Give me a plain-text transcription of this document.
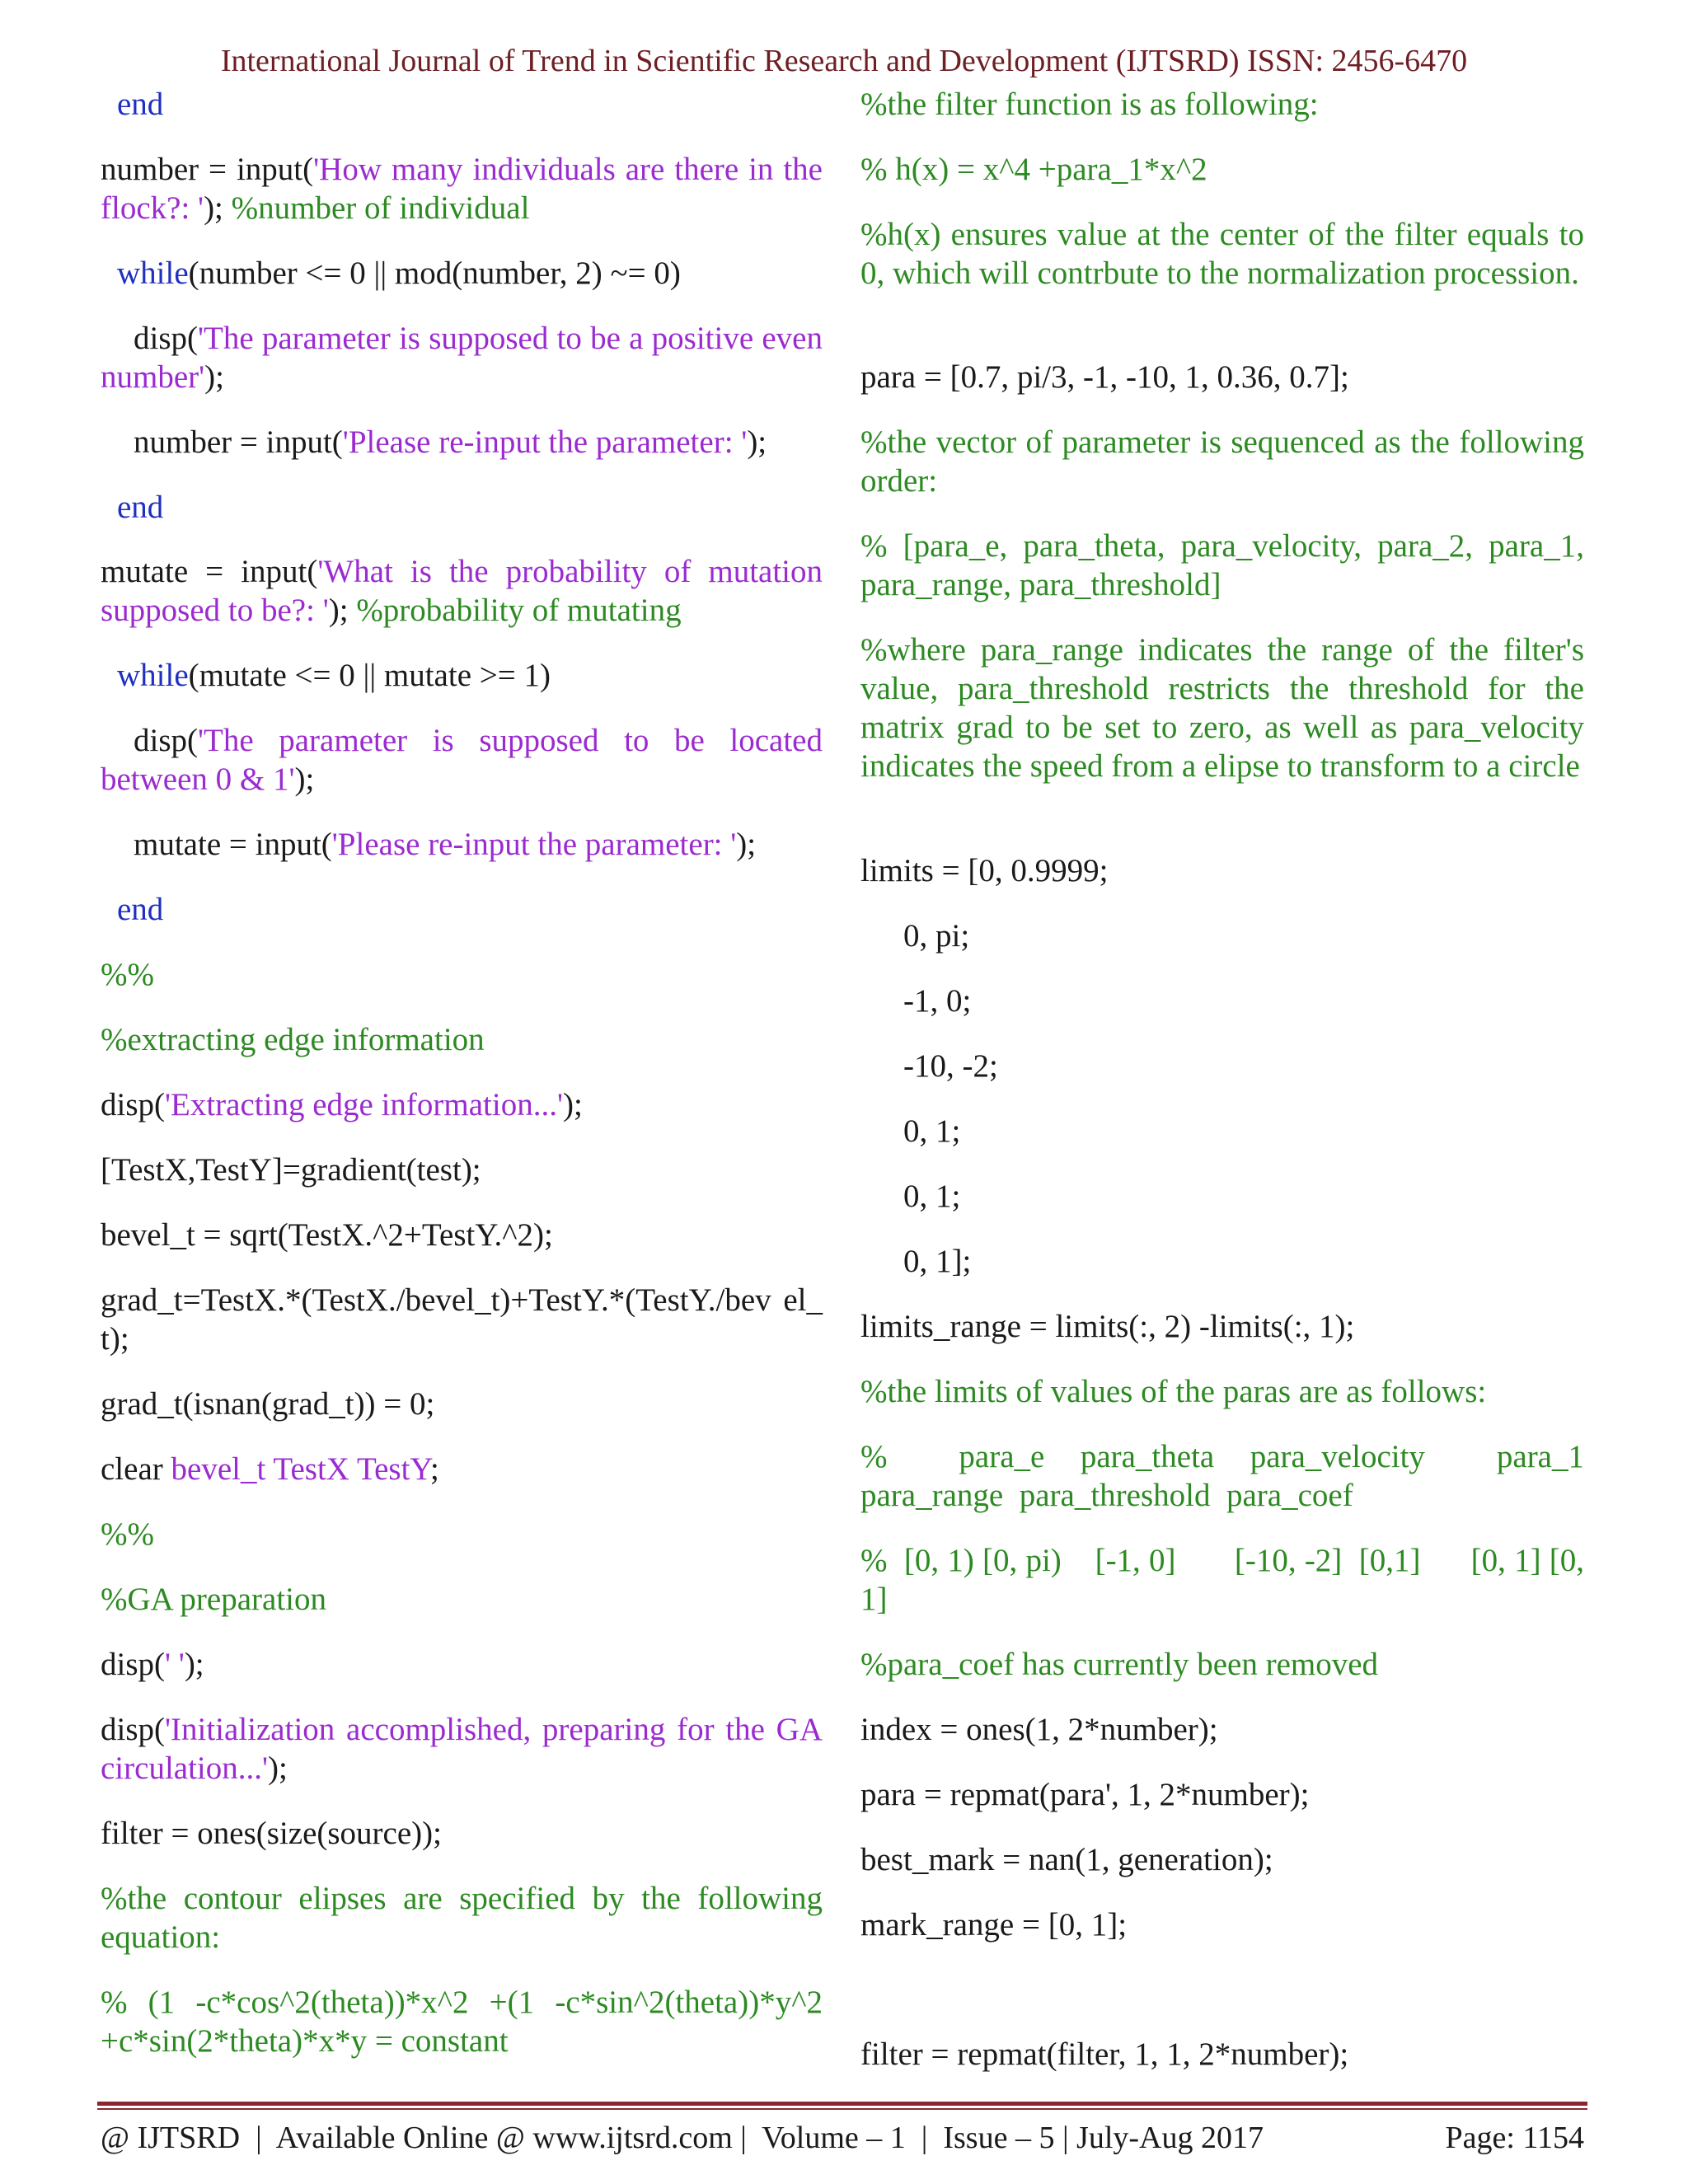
International Journal of Trend in Scientific Research and Development (IJTSRD) ISSN: 2456-6470
end
number = input('How many individuals are there in the flock?: '); %number of individual
while(number <= 0 || mod(number, 2) ~= 0)
disp('The parameter is supposed to be a positive even number');
number = input('Please re-input the parameter: ');
end
mutate = input('What is the probability of mutation supposed to be?: '); %probability of mutating
while(mutate <= 0 || mutate >= 1)
disp('The parameter is supposed to be located between 0 & 1');
mutate = input('Please re-input the parameter: ');
end
%%
%extracting edge information
disp('Extracting edge information...');
[TestX,TestY]=gradient(test);
bevel_t = sqrt(TestX.^2+TestY.^2);
grad_t=TestX.*(TestX./bevel_t)+TestY.*(TestY./bev el_t);
grad_t(isnan(grad_t)) = 0;
clear bevel_t TestX TestY;
%%
%GA preparation
disp(' ');
disp('Initialization accomplished, preparing for the GA circulation...');
filter = ones(size(source));
%the contour elipses are specified by the following equation:
% (1 -c*cos^2(theta))*x^2 +(1 -c*sin^2(theta))*y^2 +c*sin(2*theta)*x*y = constant
%the filter function is as following:
% h(x) = x^4 +para_1*x^2
%h(x) ensures value at the center of the filter equals to 0, which will contrbute to the normalization procession.
para = [0.7, pi/3, -1, -10, 1, 0.36, 0.7];
%the vector of parameter is sequenced as the following order:
% [para_e, para_theta, para_velocity, para_2, para_1, para_range, para_threshold]
%where para_range indicates the range of the filter's value, para_threshold restricts the threshold for the matrix grad to be set to zero, as well as para_velocity indicates the speed from a elipse to transform to a circle
limits = [0, 0.9999;
0, pi;
-1, 0;
-10, -2;
0, 1;
0, 1;
0, 1];
limits_range = limits(:, 2) -limits(:, 1);
%the limits of values of the paras are as follows:
%      para_e   para_theta   para_velocity      para_1 para_range  para_threshold  para_coef
%  [0, 1) [0, pi)    [-1, 0]       [-10, -2]  [0,1]      [0, 1] [0, 1]
%para_coef has currently been removed
index = ones(1, 2*number);
para = repmat(para', 1, 2*number);
best_mark = nan(1, generation);
mark_range = [0, 1];
filter = repmat(filter, 1, 1, 2*number);
@ IJTSRD  |  Available Online @ www.ijtsrd.com |  Volume – 1  |  Issue – 5 | July-Aug 2017	Page: 1154
